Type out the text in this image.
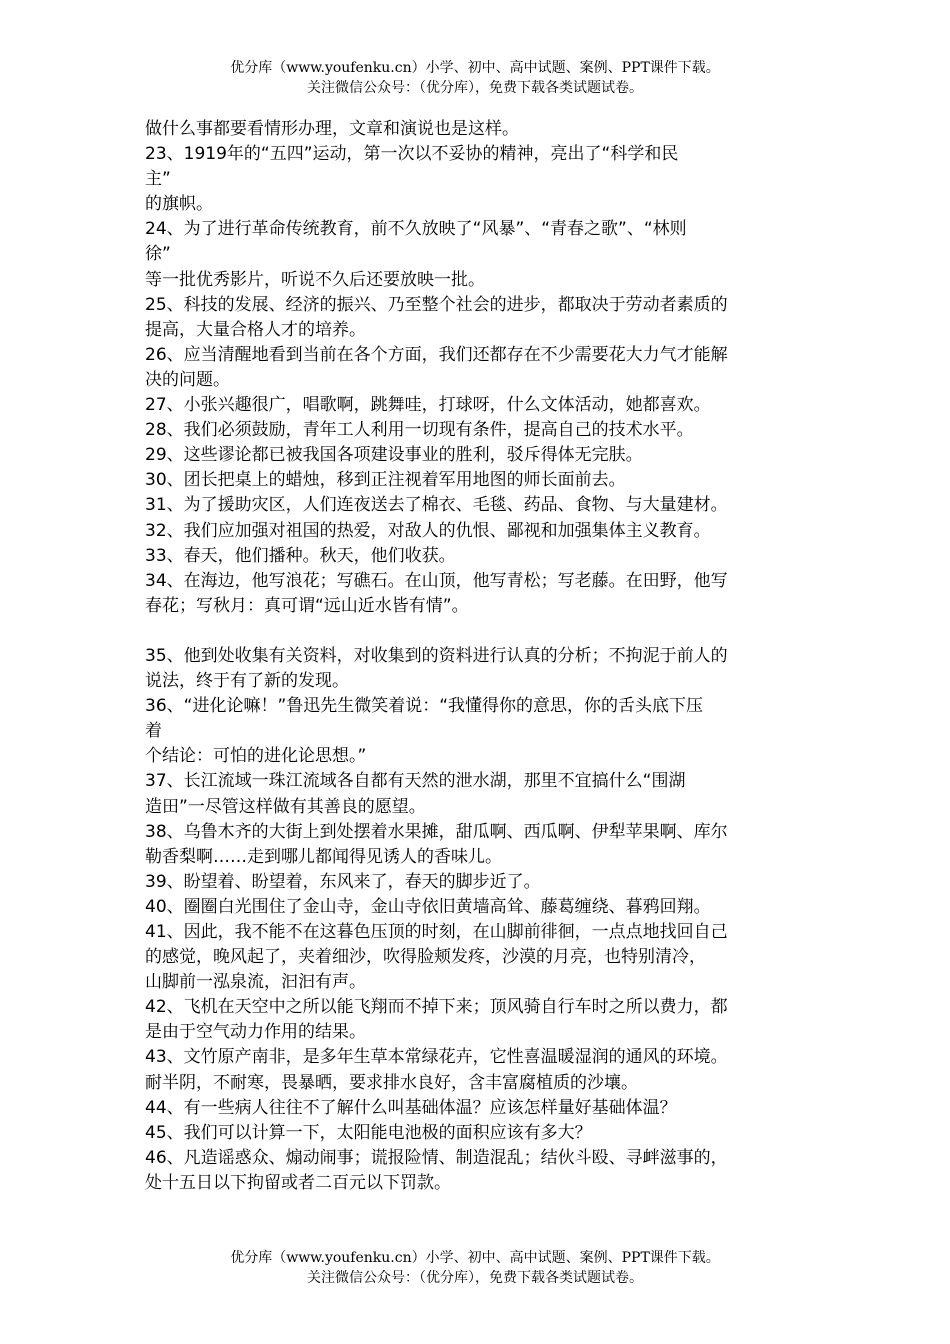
优分库（www.youfenku.cn）小学、初中、高中试题、案例、PPT课件下载。
关注微信公众号：（优分库），免费下载各类试题试卷。
做什么事都要看情形办理，文章和演说也是这样。
23、1919年的“五四”运动，第一次以不妥协的精神，亮出了“科学和民
主”
的旗帜。
24、为了进行革命传统教育，前不久放映了“风暴”、“青春之歌”、“林则
徐”
等一批优秀影片，听说不久后还要放映一批。
25、科技的发展、经济的振兴、乃至整个社会的进步，都取决于劳动者素质的
提高，大量合格人才的培养。
26、应当清醒地看到当前在各个方面，我们还都存在不少需要花大力气才能解
决的问题。
27、小张兴趣很广，唱歌啊，跳舞哇，打球呀，什么文体活动，她都喜欢。
28、我们必须鼓励，青年工人利用一切现有条件，提高自己的技术水平。
29、这些谬论都已被我国各项建设事业的胜利，驳斥得体无完肤。
30、团长把桌上的蜡烛，移到正注视着军用地图的师长面前去。
31、为了援助灾区，人们连夜送去了棉衣、毛毯、药品、食物、与大量建材。
32、我们应加强对祖国的热爱，对敌人的仇恨、鄙视和加强集体主义教育。
33、春天，他们播种。秋天，他们收获。
34、在海边，他写浪花；写礁石。在山顶，他写青松；写老藤。在田野，他写
春花；写秋月：真可谓“远山近水皆有情”。
35、他到处收集有关资料，对收集到的资料进行认真的分析；不拘泥于前人的
说法，终于有了新的发现。
36、“进化论嘛！”鲁迅先生微笑着说：“我懂得你的意思，你的舌头底下压
着
个结论：可怕的进化论思想。”
37、长江流域一珠江流域各自都有天然的泄水湖，那里不宜搞什么“围湖
造田”一尽管这样做有其善良的愿望。
38、乌鲁木齐的大街上到处摆着水果摊，甜瓜啊、西瓜啊、伊犁苹果啊、库尔
勒香梨啊……走到哪儿都闻得见诱人的香味儿。
39、盼望着、盼望着，东风来了，春天的脚步近了。
40、圈圈白光围住了金山寺，金山寺依旧黄墙高耸、藤葛缠绕、暮鸦回翔。
41、因此，我不能不在这暮色压顶的时刻，在山脚前徘徊，一点点地找回自己
的感觉，晚风起了，夹着细沙，吹得脸颊发疼，沙漠的月亮，也特别清冷，
山脚前一泓泉流，汩汩有声。
42、飞机在天空中之所以能飞翔而不掉下来；顶风骑自行车时之所以费力，都
是由于空气动力作用的结果。
43、文竹原产南非，是多年生草本常绿花卉，它性喜温暖湿润的通风的环境。
耐半阴，不耐寒，畏暴晒，要求排水良好，含丰富腐植质的沙壤。
44、有一些病人往往不了解什么叫基础体温？应该怎样量好基础体温？
45、我们可以计算一下，太阳能电池极的面积应该有多大？
46、凡造谣惑众、煽动闹事；谎报险情、制造混乱；结伙斗殴、寻衅滋事的，
处十五日以下拘留或者二百元以下罚款。
优分库（www.youfenku.cn）小学、初中、高中试题、案例、PPT课件下载。
关注微信公众号：（优分库），免费下载各类试题试卷。
